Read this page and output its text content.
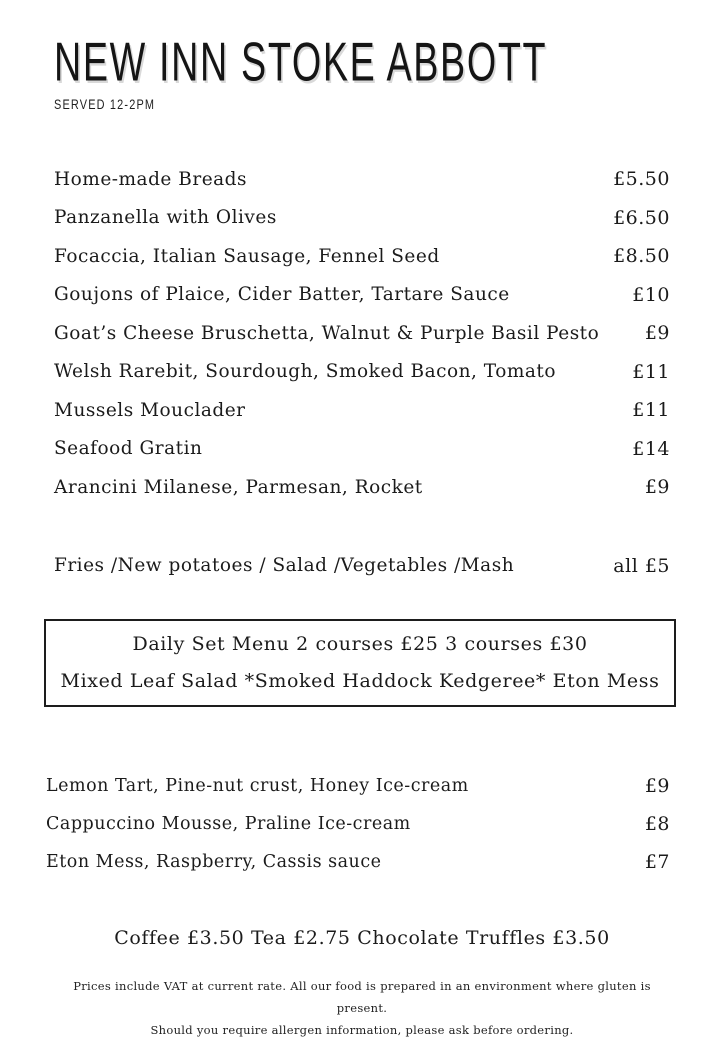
NEW INN STOKE ABBOTT
SERVED 12-2PM
Home-made Breads	£5.50
Panzanella with Olives	£6.50
Focaccia, Italian Sausage, Fennel Seed	£8.50
Goujons of Plaice, Cider Batter, Tartare Sauce	£10
Goat’s Cheese Bruschetta, Walnut & Purple Basil Pesto £9
Welsh Rarebit, Sourdough, Smoked Bacon, Tomato	£11
Mussels Mouclader	£11
Seafood Gratin	£14
Arancini Milanese, Parmesan, Rocket	£9
Fries /New potatoes / Salad /Vegetables /Mash	all £5
Daily Set Menu 2 courses £25 3 courses £30
Mixed Leaf Salad *Smoked Haddock Kedgeree* Eton Mess
Lemon Tart, Pine-nut crust, Honey Ice-cream	£9
Cappuccino Mousse, Praline Ice-cream	£8
Eton Mess, Raspberry, Cassis sauce	£7
Coffee £3.50 Tea £2.75 Chocolate Truffles £3.50
Prices include VAT at current rate. All our food is prepared in an environment where gluten is present.
Should you require allergen information, please ask before ordering.
